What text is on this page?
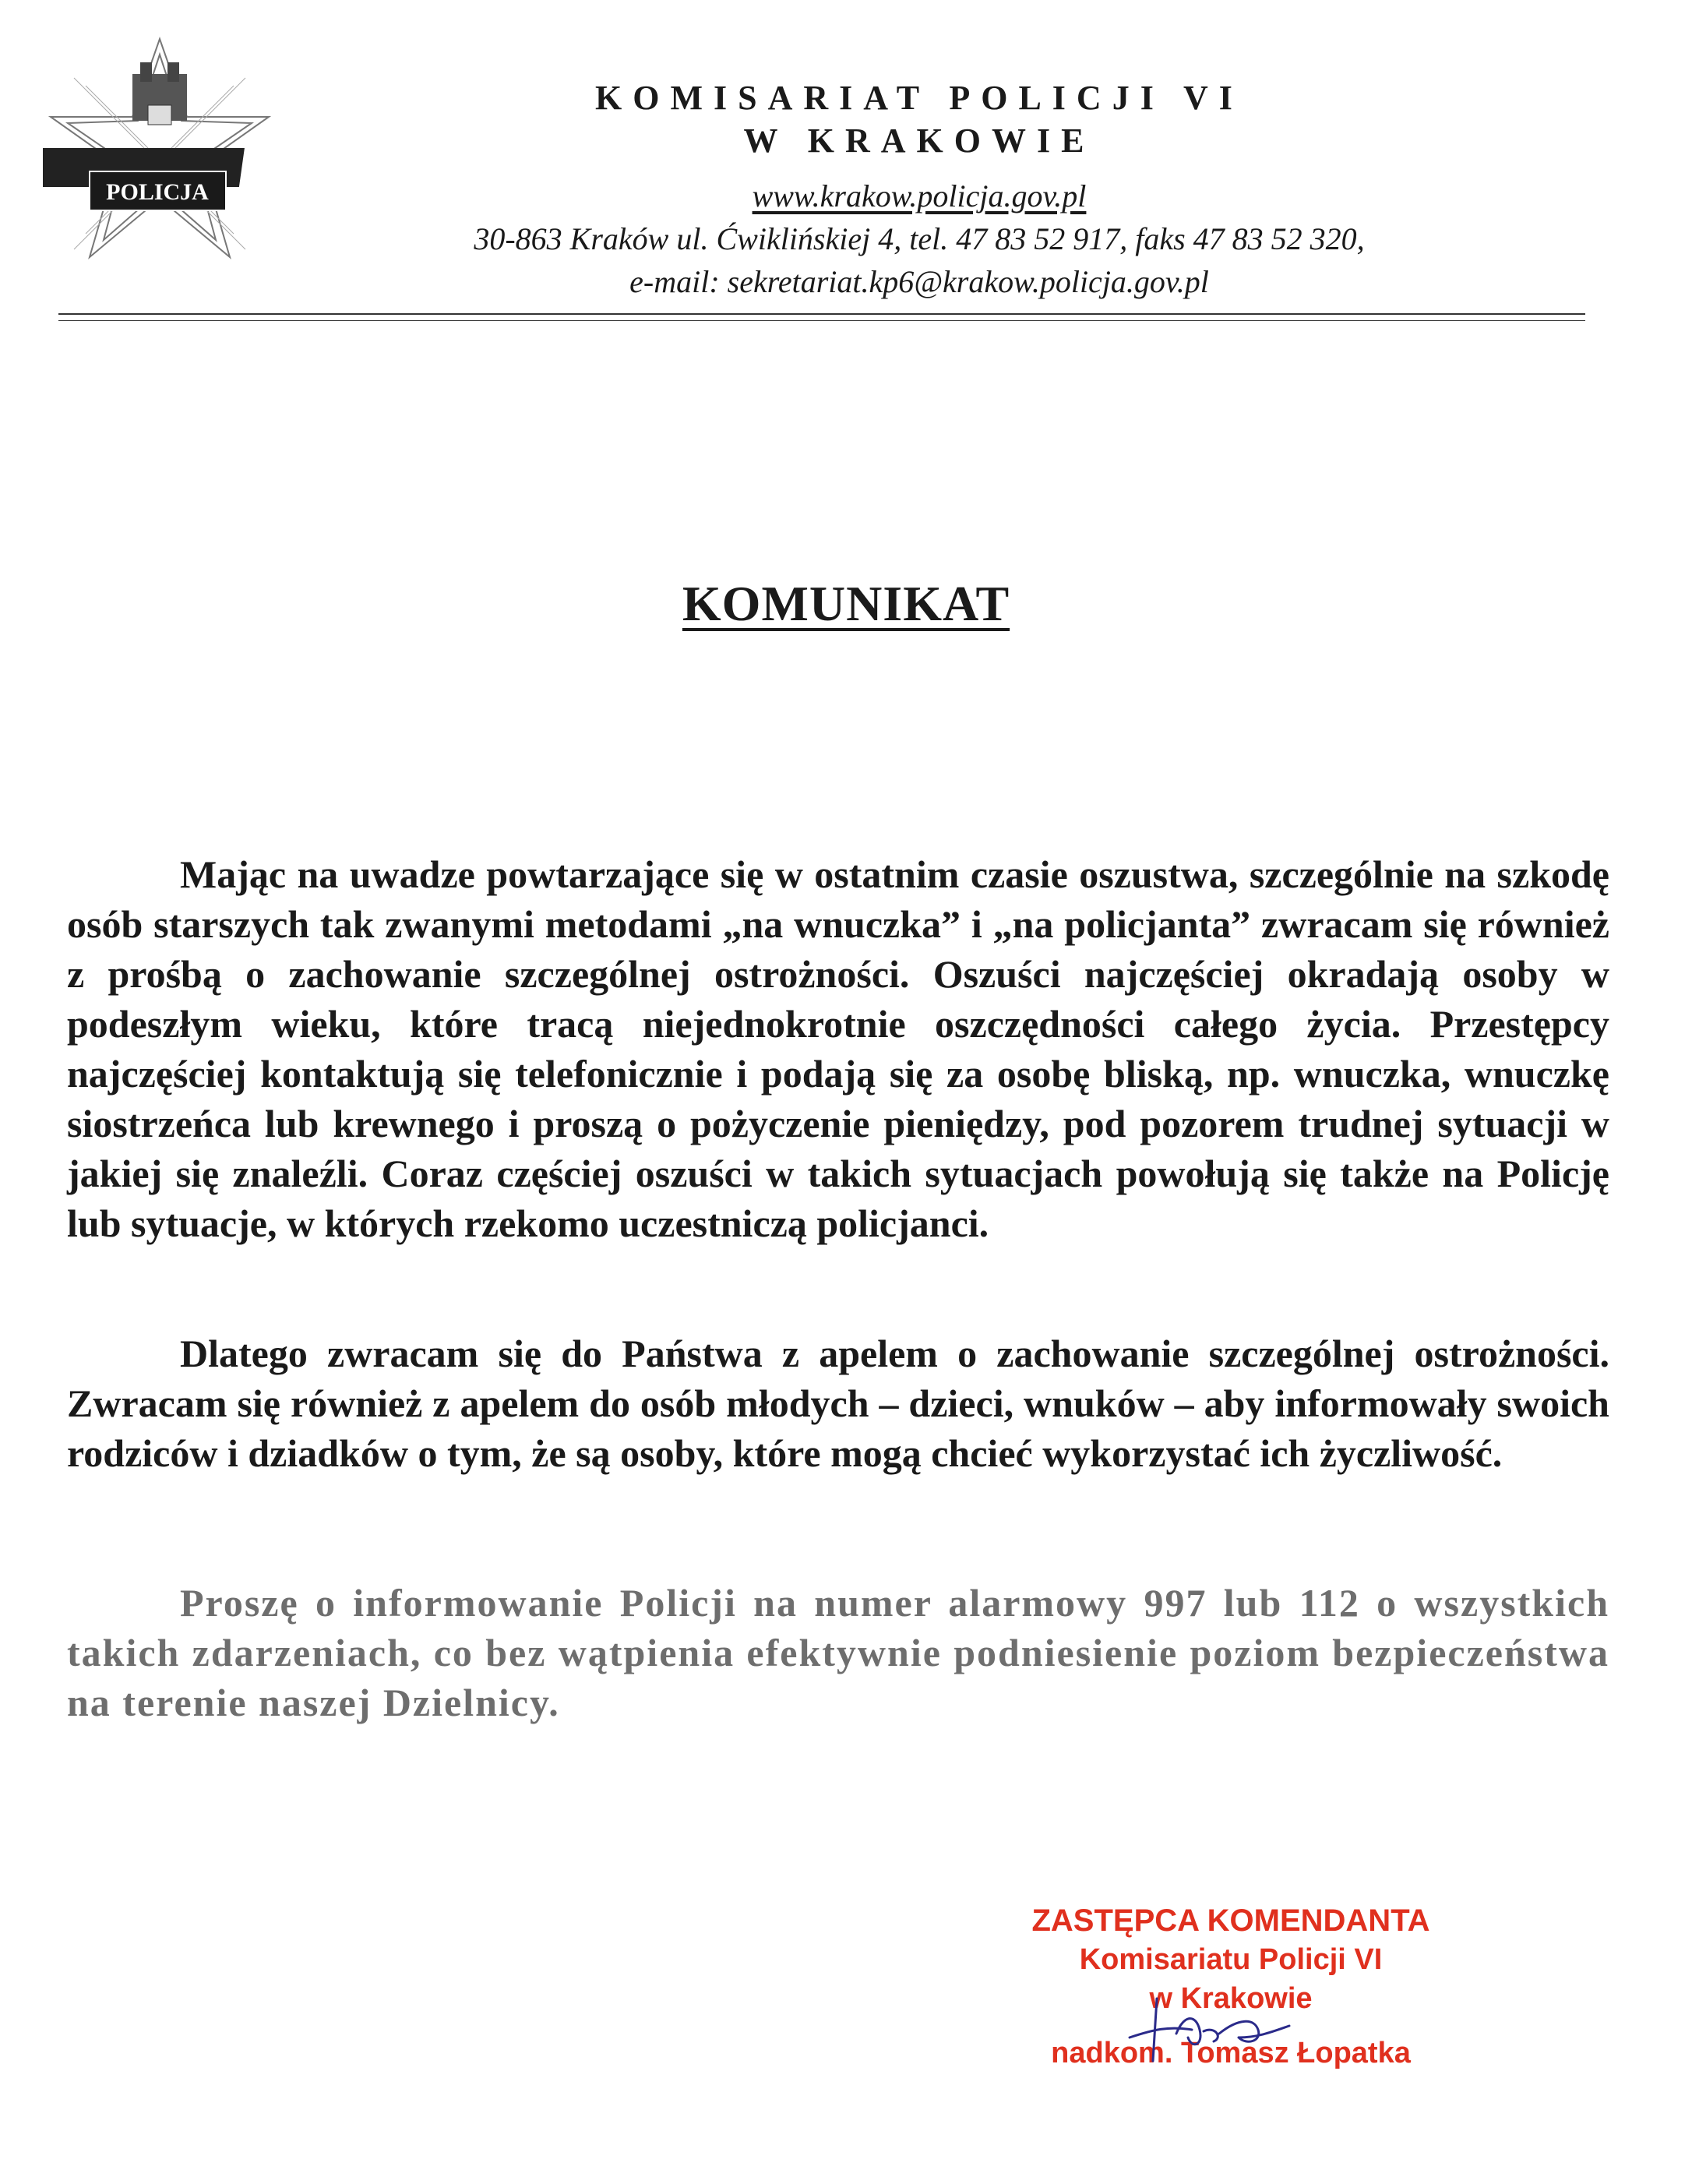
POLICJA
KOMISARIAT POLICJI VI
W KRAKOWIE
www.krakow.policja.gov.pl
30-863 Kraków ul. Ćwiklińskiej 4, tel. 47 83 52 917, faks 47 83 52 320,
e-mail: sekretariat.kp6@krakow.policja.gov.pl
KOMUNIKAT
Mając na uwadze powtarzające się w ostatnim czasie oszustwa, szczególnie na szkodę osób starszych tak zwanymi metodami „na wnuczka” i „na policjanta” zwracam się również z prośbą o zachowanie szczególnej ostrożności. Oszuści najczęściej okradają osoby w podeszłym wieku, które tracą niejednokrotnie oszczędności całego życia. Przestępcy najczęściej kontaktują się telefonicznie i podają się za osobę bliską, np. wnuczka, wnuczkę siostrzeńca lub krewnego i proszą o pożyczenie pieniędzy, pod pozorem trudnej sytuacji w jakiej się znaleźli. Coraz częściej oszuści w takich sytuacjach powołują się także na Policję lub sytuacje, w których rzekomo uczestniczą policjanci.
Dlatego zwracam się do Państwa z apelem o zachowanie szczególnej ostrożności. Zwracam się również z apelem do osób młodych – dzieci, wnuków – aby informowały swoich rodziców i dziadków o tym, że są osoby, które mogą chcieć wykorzystać ich życzliwość.
Proszę o informowanie Policji na numer alarmowy 997 lub 112 o wszystkich takich zdarzeniach, co bez wątpienia efektywnie podniesienie poziom bezpieczeństwa na terenie naszej Dzielnicy.
ZASTĘPCA KOMENDANTA
Komisariatu Policji VI
w Krakowie
nadkom. Tomasz Łopatka
